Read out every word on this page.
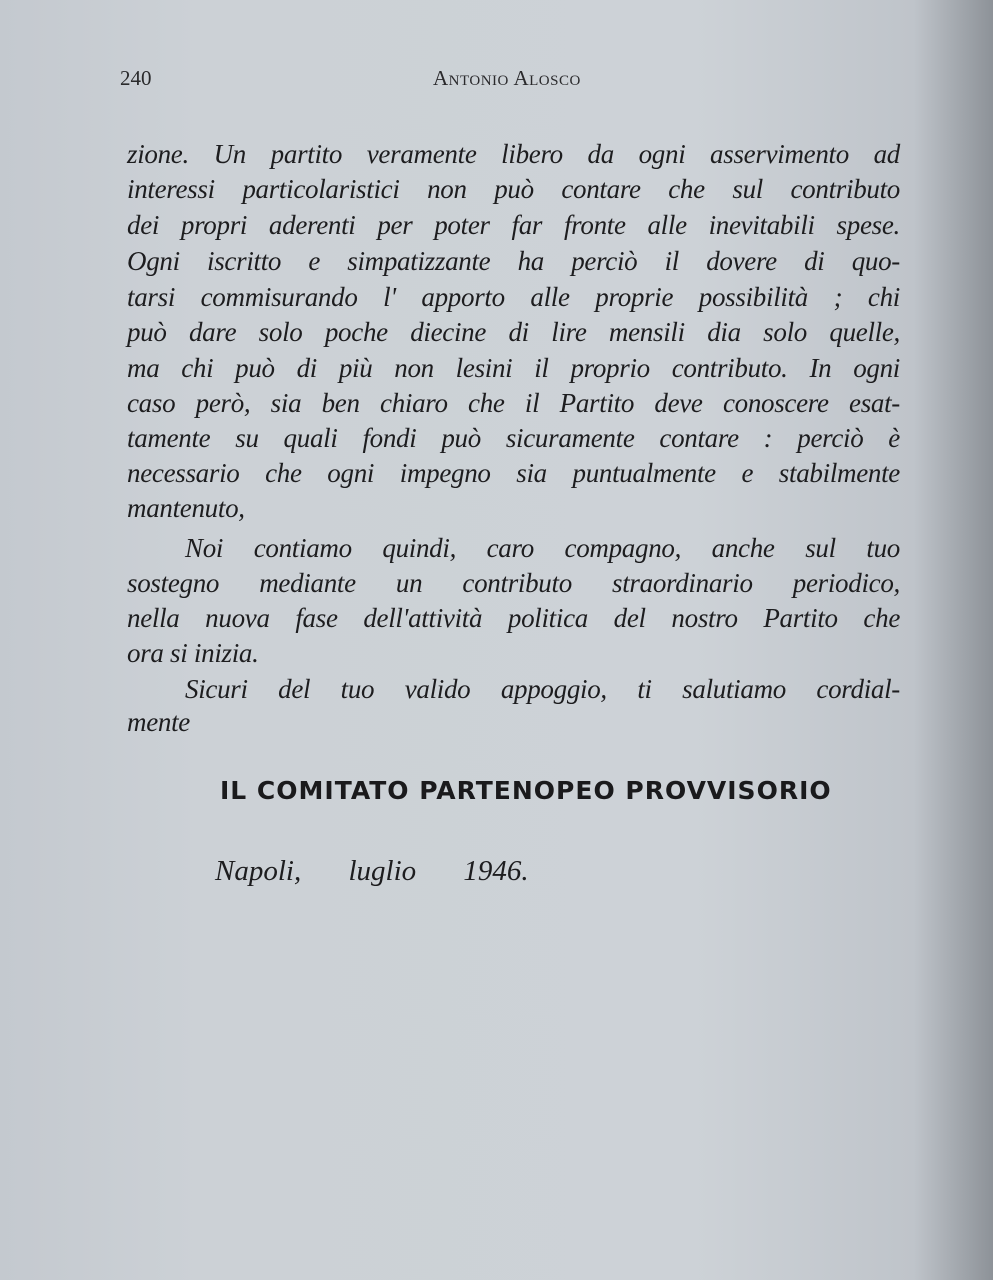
240	Antonio Alosco
zione. Un partito veramente libero da ogni asservimento ad
interessi particolaristici non può contare che sul contributo
dei propri aderenti per poter far fronte alle inevitabili spese.
Ogni iscritto e simpatizzante ha perciò il dovere di quo-
tarsi commisurando l' apporto alle proprie possibilità ; chi
può dare solo poche diecine di lire mensili dia solo quelle,
ma chi può di più non lesini il proprio contributo. In ogni
caso però, sia ben chiaro che il Partito deve conoscere esat-
tamente su quali fondi può sicuramente contare : perciò è
necessario che ogni impegno sia puntualmente e stabilmente
mantenuto,
Noi contiamo quindi, caro compagno, anche sul tuo
sostegno mediante un contributo straordinario periodico,
nella nuova fase dell'attività politica del nostro Partito che
ora si inizia.
Sicuri del tuo valido appoggio, ti salutiamo cordial-
mente
IL COMITATO PARTENOPEO PROVVISORIO
Napoli, luglio 1946.
